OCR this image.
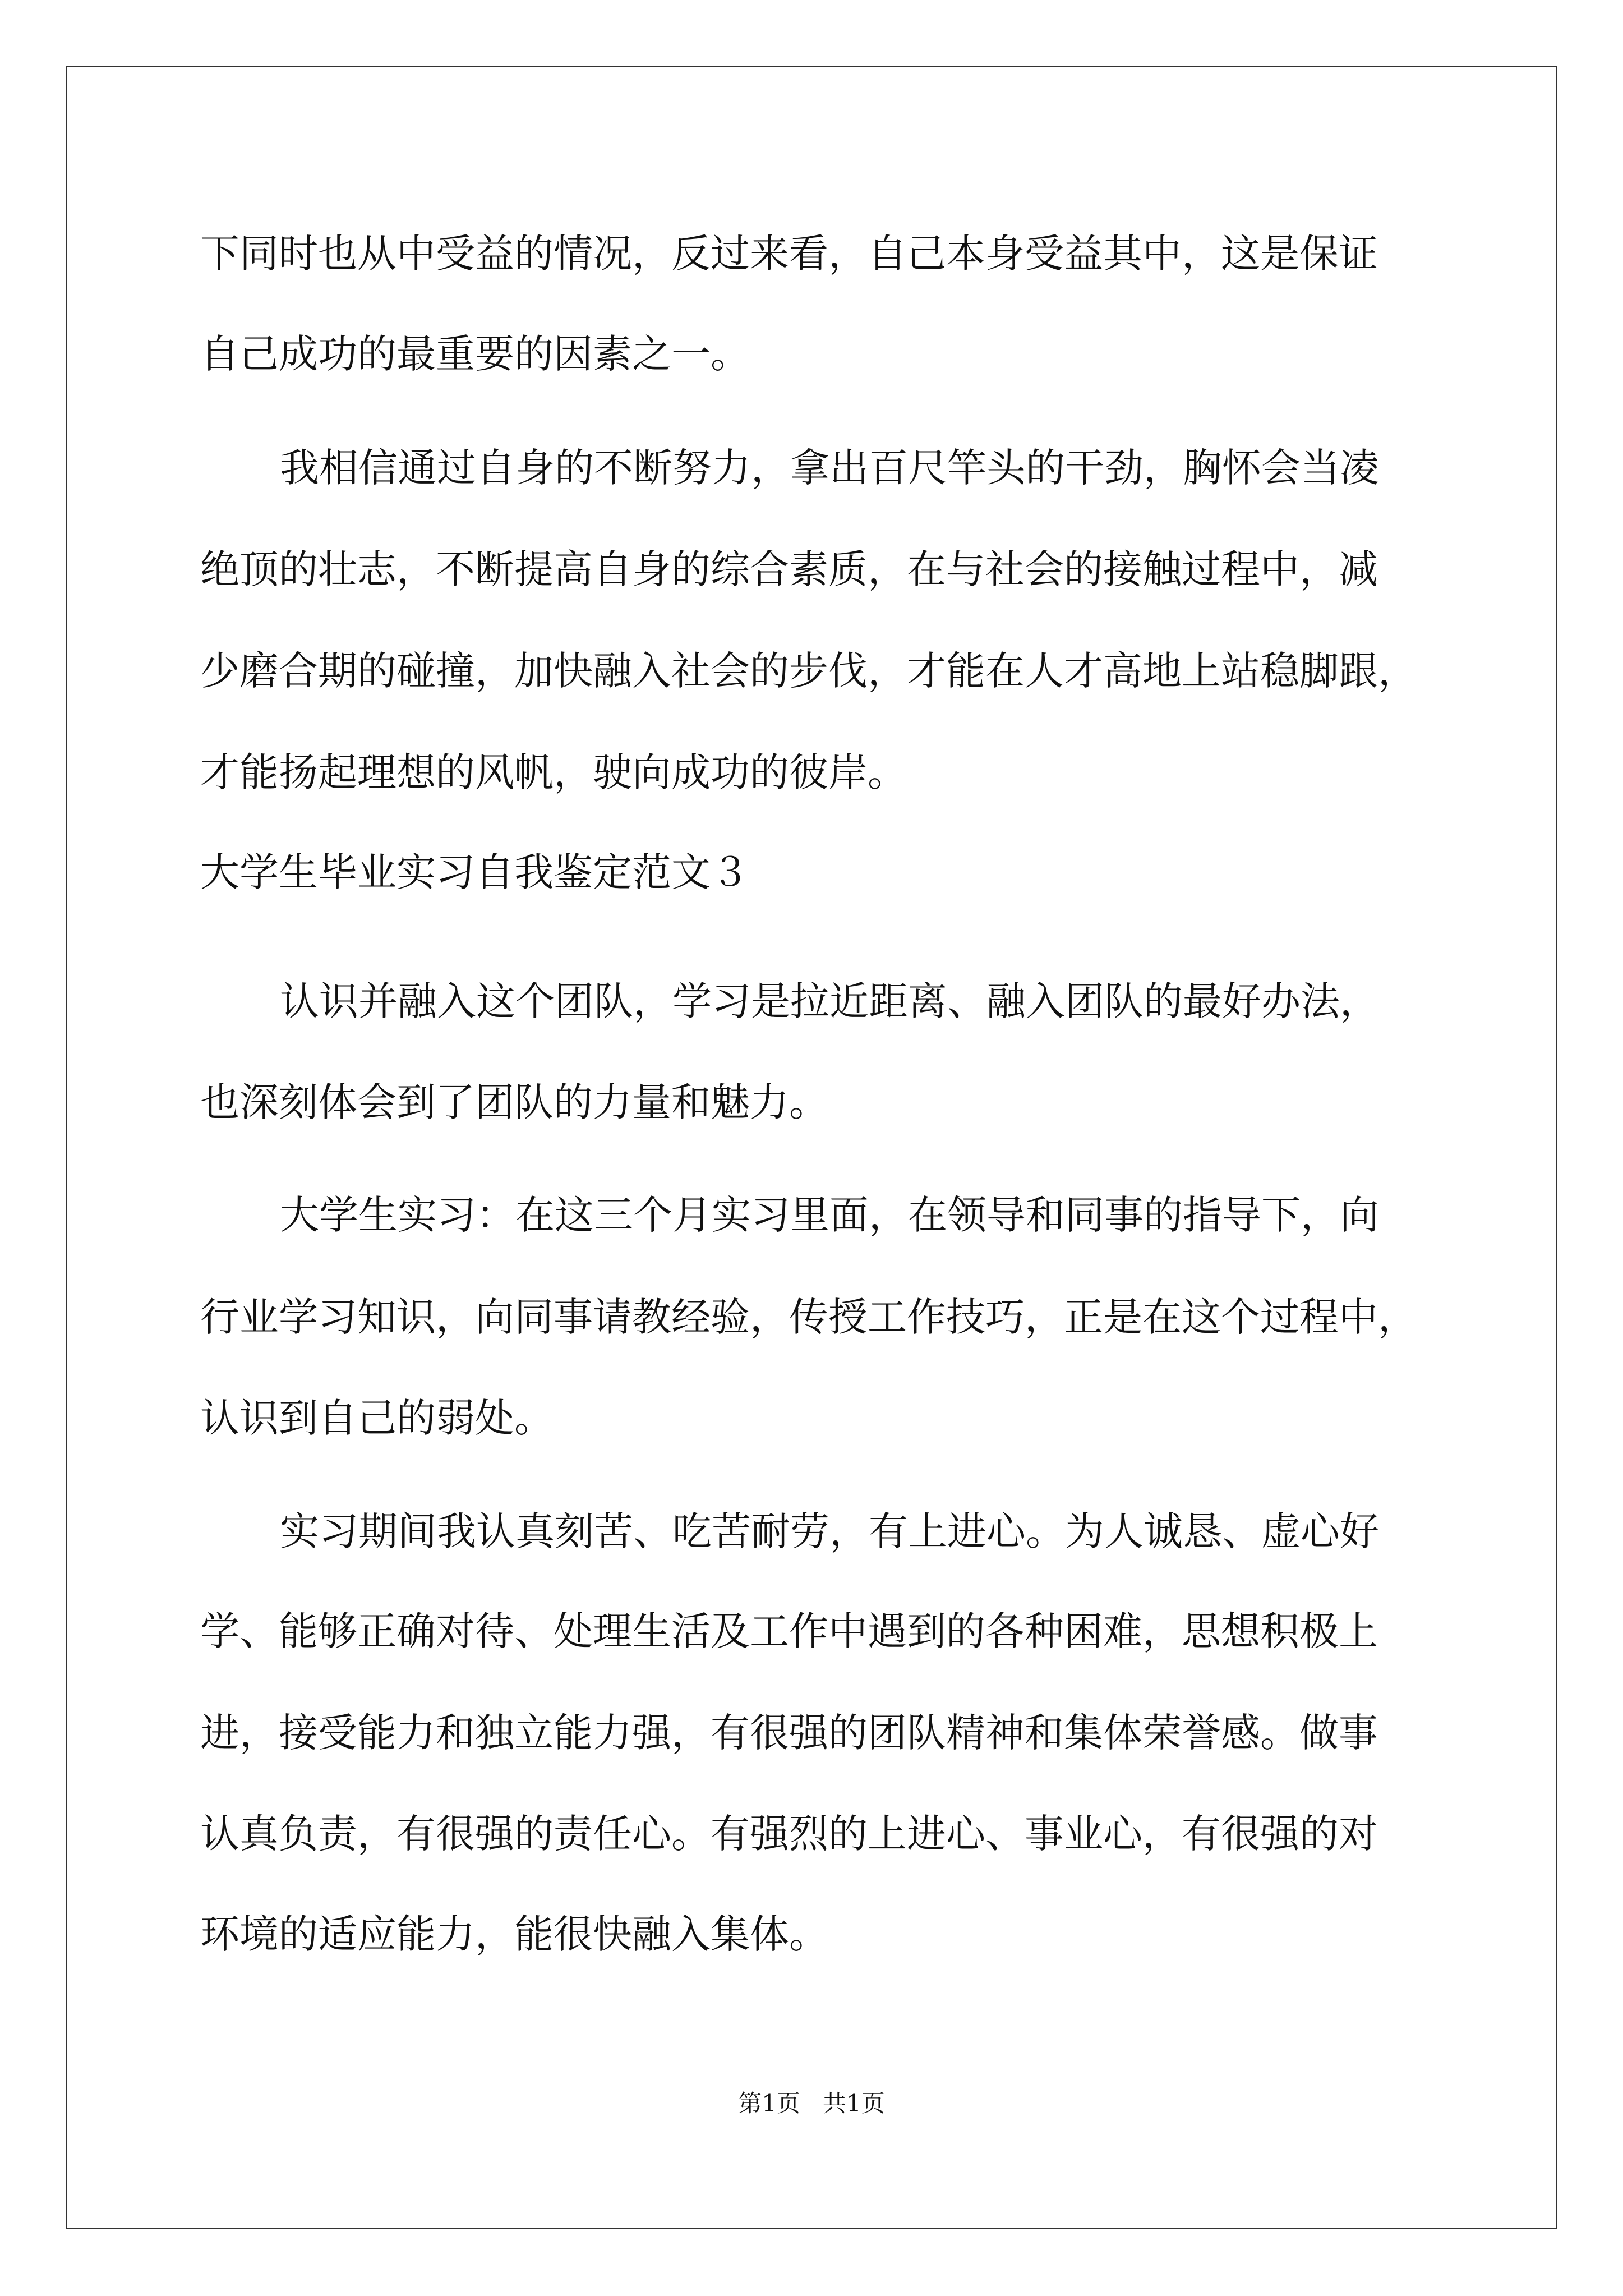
下同时也从中受益的情况，反过来看，自己本身受益其中，这是保证
自己成功的最重要的因素之一。
我相信通过自身的不断努力，拿出百尺竿头的干劲，胸怀会当凌
绝顶的壮志，不断提高自身的综合素质，在与社会的接触过程中，减
少磨合期的碰撞，加快融入社会的步伐，才能在人才高地上站稳脚跟，
才能扬起理想的风帆，驶向成功的彼岸。
大学生毕业实习自我鉴定范文３
认识并融入这个团队，学习是拉近距离、融入团队的最好办法，
也深刻体会到了团队的力量和魅力。
大学生实习：在这三个月实习里面，在领导和同事的指导下，向
行业学习知识，向同事请教经验，传授工作技巧，正是在这个过程中，
认识到自己的弱处。
实习期间我认真刻苦、吃苦耐劳，有上进心。为人诚恳、虚心好
学、能够正确对待、处理生活及工作中遇到的各种困难，思想积极上
进，接受能力和独立能力强，有很强的团队精神和集体荣誉感。做事
认真负责，有很强的责任心。有强烈的上进心、事业心，有很强的对
环境的适应能力，能很快融入集体。
第1页   共1页
